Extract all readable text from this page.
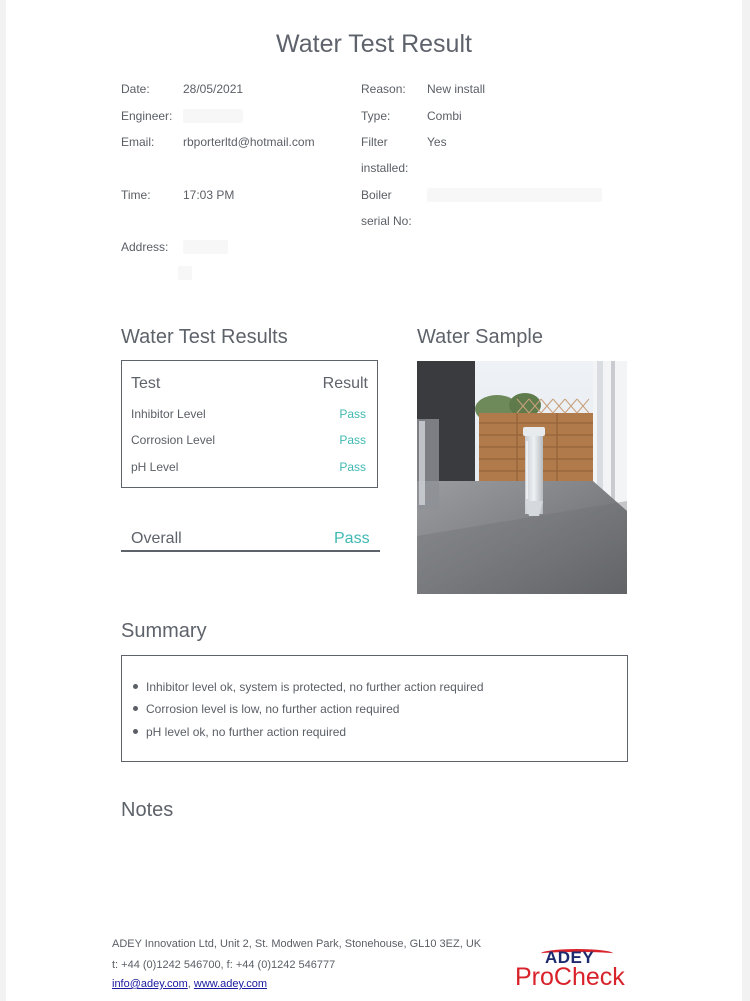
Water Test Result
Date:	28/05/2021
Engineer:
Email: rbporterltd@hotmail.com
Time:	17:03 PM
Address:
Reason: New install
Type:	Combi
Filter
installed:
Yes
Boiler
serial No:
Water Test Results
Test	Result
Inhibitor Level	Pass
Corrosion Level	Pass
pH Level	Pass
Overall	Pass
Water Sample
Summary
Inhibitor level ok, system is protected, no further action required
Corrosion level is low, no further action required
pH level ok, no further action required
Notes
ADEY Innovation Ltd, Unit 2, St. Modwen Park, Stonehouse, GL10 3EZ, UK
t: +44 (0)1242 546700, f: +44 (0)1242 546777
info@adey.com, www.adey.com
ADEY
ProCheck
